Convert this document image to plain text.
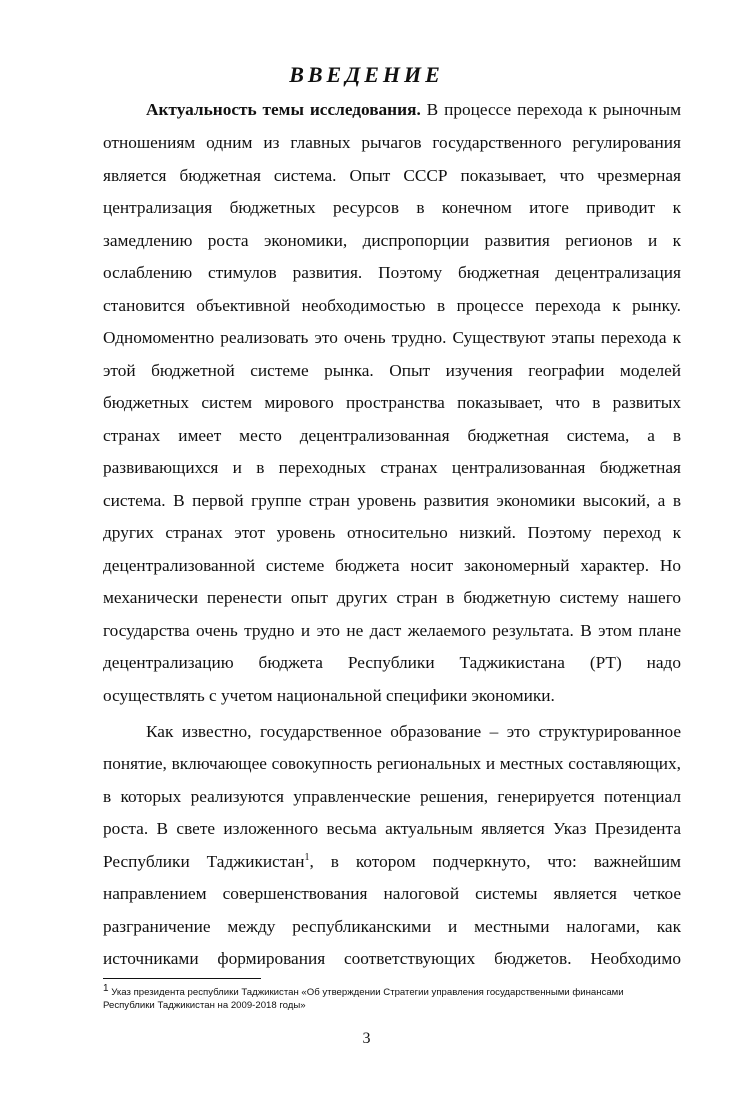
ВВЕДЕНИЕ
Актуальность темы исследования. В процессе перехода к рыночным
отношениям одним из главных рычагов государственного регулирования
является бюджетная система. Опыт СССР показывает, что чрезмерная
централизация бюджетных ресурсов в конечном итоге приводит к
замедлению роста экономики, диспропорции развития регионов и к
ослаблению стимулов развития. Поэтому бюджетная децентрализация
становится объективной необходимостью в процессе перехода к рынку.
Одномоментно реализовать это очень трудно. Существуют этапы перехода к
этой бюджетной системе рынка. Опыт изучения географии моделей
бюджетных систем мирового пространства показывает, что в развитых
странах имеет место децентрализованная бюджетная система, а в
развивающихся и в переходных странах централизованная бюджетная
система. В первой группе стран уровень развития экономики высокий, а в
других странах этот уровень относительно низкий. Поэтому переход к
децентрализованной системе бюджета носит закономерный характер. Но
механически перенести опыт других стран в бюджетную систему нашего
государства очень трудно и это не даст желаемого результата. В этом плане
децентрализацию бюджета Республики Таджикистана (РТ) надо
осуществлять с учетом национальной специфики экономики.
Как известно, государственное образование – это структурированное
понятие, включающее совокупность региональных и местных составляющих,
в которых реализуются управленческие решения, генерируется потенциал
роста. В свете изложенного весьма актуальным является Указ Президента
Республики Таджикистан$^1$, в котором подчеркнуто, что: важнейшим
направлением совершенствования налоговой системы является четкое
разграничение между республиканскими и местными налогами, как
источниками формирования соответствующих бюджетов. Необходимо
$^1$ Указ президента республики Таджикистан «Об утверждении Стратегии управления государственными финансами
Республики Таджикистан на 2009-2018 годы»
3
